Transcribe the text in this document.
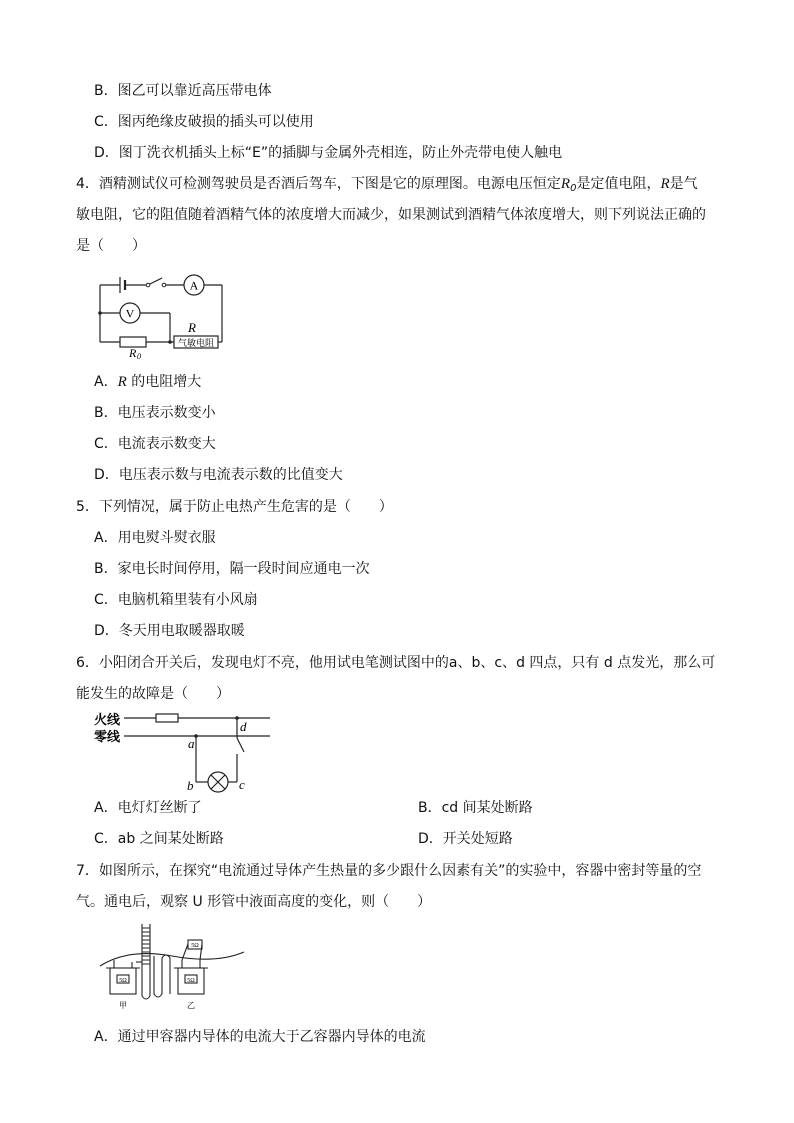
B．图乙可以靠近高压带电体
C．图丙绝缘皮破损的插头可以使用
D．图丁洗衣机插头上标“E”的插脚与金属外壳相连，防止外壳带电使人触电
4．酒精测试仪可检测驾驶员是否酒后驾车，下图是它的原理图。电源电压恒定$R_0$是定值电阻，R是气
敏电阻，它的阻值随着酒精气体的浓度增大而减少，如果测试到酒精气体浓度增大，则下列说法正确的
是（　　）
A
V
R
气敏电阻
R 0
A．R 的电阻增大
B．电压表示数变小
C．电流表示数变大
D．电压表示数与电流表示数的比值变大
5．下列情况，属于防止电热产生危害的是（　　）
A．用电熨斗熨衣服
B．家电长时间停用，隔一段时间应通电一次
C．电脑机箱里装有小风扇
D．冬天用电取暖器取暖
6．小阳闭合开关后，发现电灯不亮，他用试电笔测试图中的a、b、c、d 四点，只有 d 点发光，那么可
能发生的故障是（　　）
火线
零线	a
b	c
d
A．电灯灯丝断了	B．cd 间某处断路
C．ab 之间某处断路	D．开关处短路
7．如图所示，在探究“电流通过导体产生热量的多少跟什么因素有关”的实验中，容器中密封等量的空
气。通电后，观察 U 形管中液面高度的变化，则（　　）
5Ω	5Ω
5Ω
甲	乙
A．通过甲容器内导体的电流大于乙容器内导体的电流
